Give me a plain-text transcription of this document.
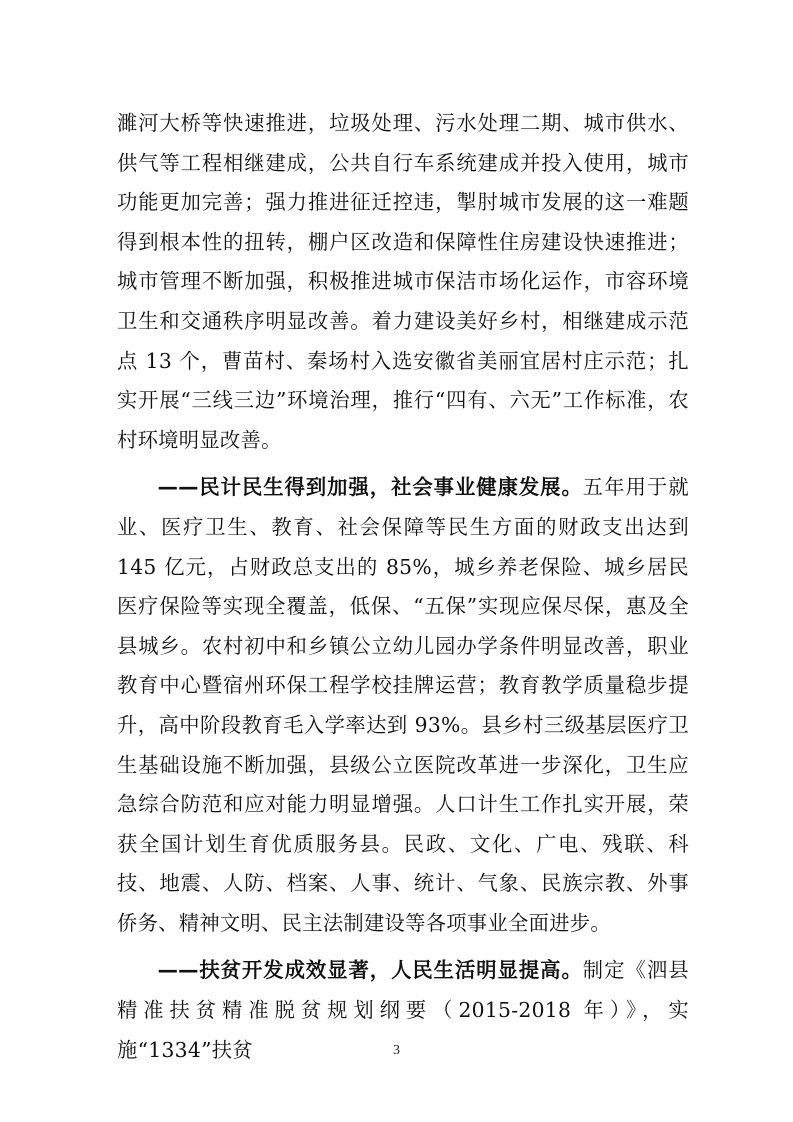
濉河大桥等快速推进，垃圾处理、污水处理二期、城市供水、供气等工程相继建成，公共自行车系统建成并投入使用，城市功能更加完善；强力推进征迁控违，掣肘城市发展的这一难题得到根本性的扭转，棚户区改造和保障性住房建设快速推进；城市管理不断加强，积极推进城市保洁市场化运作，市容环境卫生和交通秩序明显改善。着力建设美好乡村，相继建成示范点 13 个，曹苗村、秦场村入选安徽省美丽宜居村庄示范；扎实开展“三线三边”环境治理，推行“四有、六无”工作标准，农村环境明显改善。

——民计民生得到加强，社会事业健康发展。五年用于就业、医疗卫生、教育、社会保障等民生方面的财政支出达到 145 亿元，占财政总支出的 85%，城乡养老保险、城乡居民医疗保险等实现全覆盖，低保、“五保”实现应保尽保，惠及全县城乡。农村初中和乡镇公立幼儿园办学条件明显改善，职业教育中心暨宿州环保工程学校挂牌运营；教育教学质量稳步提升，高中阶段教育毛入学率达到 93%。县乡村三级基层医疗卫生基础设施不断加强，县级公立医院改革进一步深化，卫生应急综合防范和应对能力明显增强。人口计生工作扎实开展，荣获全国计划生育优质服务县。民政、文化、广电、残联、科技、地震、人防、档案、人事、统计、气象、民族宗教、外事侨务、精神文明、民主法制建设等各项事业全面进步。

——扶贫开发成效显著，人民生活明显提高。制定《泗县精准扶贫精准脱贫规划纲要（2015-2018 年）》，实施“1334”扶贫	3
